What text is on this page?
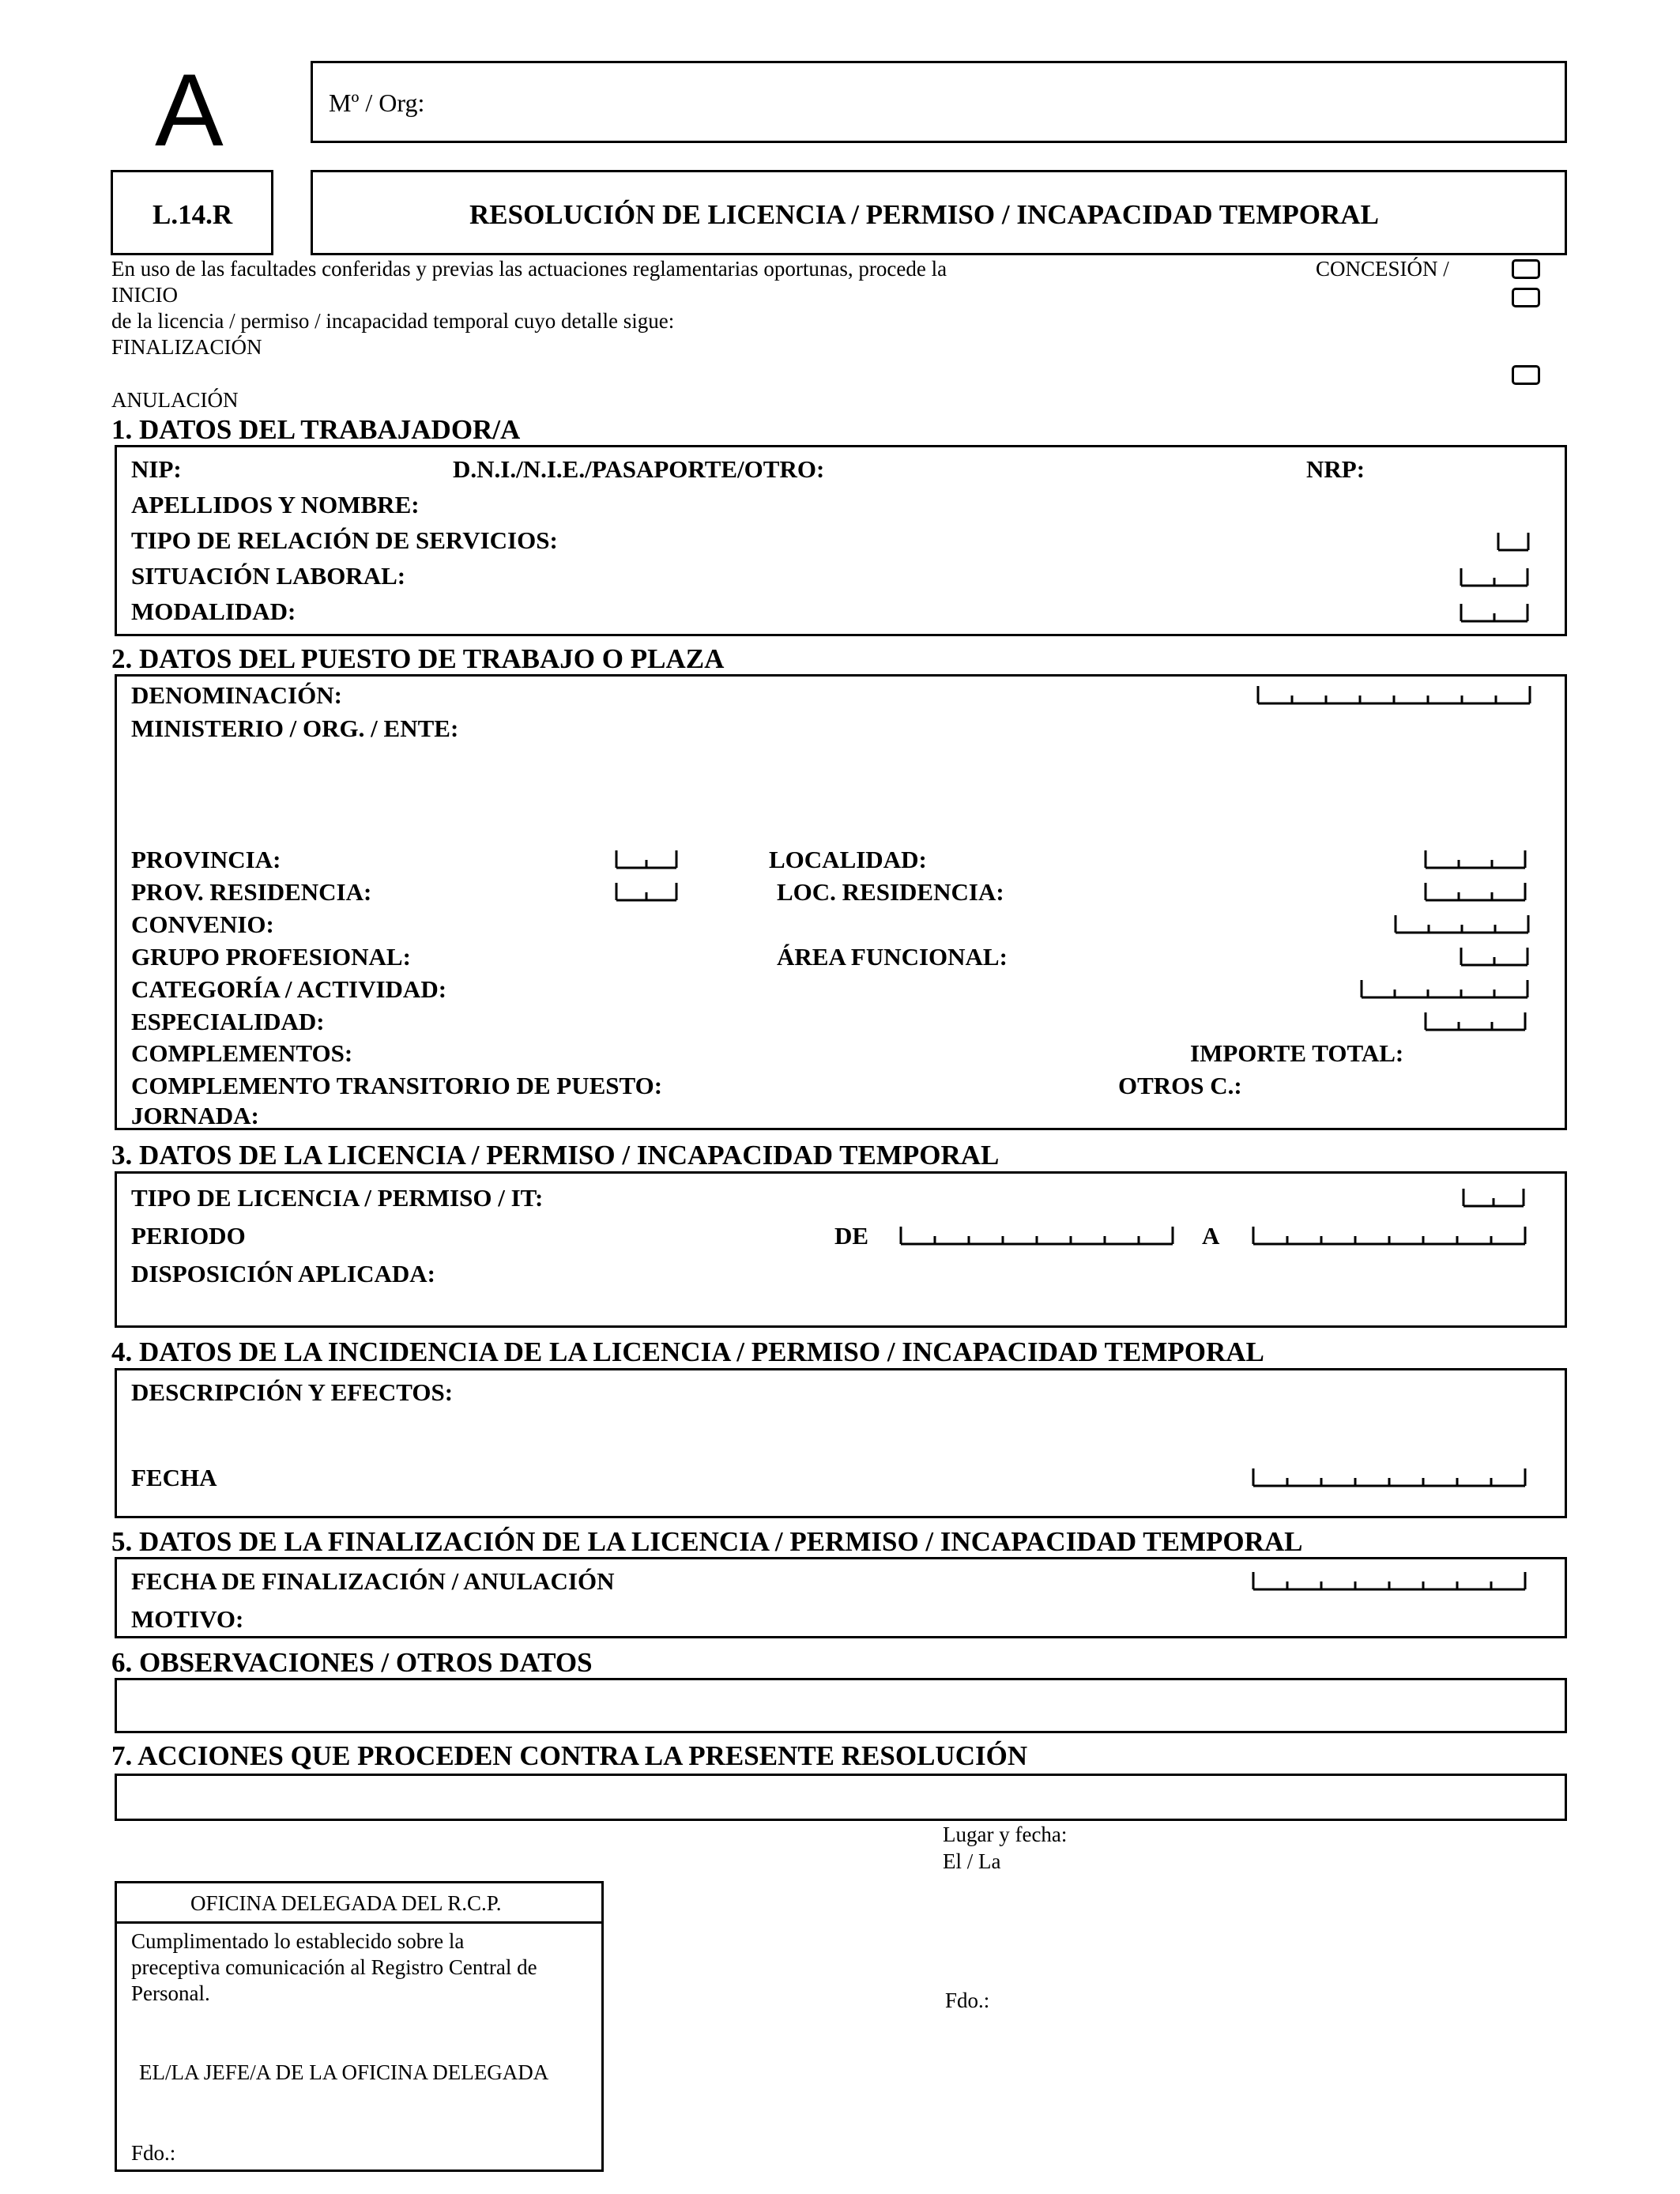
A	Mº / Org:
L.14.R	RESOLUCIÓN DE LICENCIA / PERMISO / INCAPACIDAD TEMPORAL
En uso de las facultades conferidas y previas las actuaciones reglamentarias oportunas, procede la	CONCESIÓN /
INICIO
de la licencia / permiso / incapacidad temporal cuyo detalle sigue:
FINALIZACIÓN
ANULACIÓN
1. DATOS DEL TRABAJADOR/A
NIP:	D.N.I./N.I.E./PASAPORTE/OTRO:	NRP:
APELLIDOS Y NOMBRE:
TIPO DE RELACIÓN DE SERVICIOS:
SITUACIÓN LABORAL:
MODALIDAD:
2. DATOS DEL PUESTO DE TRABAJO O PLAZA
DENOMINACIÓN:
MINISTERIO / ORG. / ENTE:
PROVINCIA:	LOCALIDAD:
PROV. RESIDENCIA:	LOC. RESIDENCIA:
CONVENIO:
GRUPO PROFESIONAL:	ÁREA FUNCIONAL:
CATEGORÍA / ACTIVIDAD:
ESPECIALIDAD:
COMPLEMENTOS:	IMPORTE TOTAL:
COMPLEMENTO TRANSITORIO DE PUESTO:	OTROS C.:
JORNADA:
3. DATOS DE LA LICENCIA / PERMISO / INCAPACIDAD TEMPORAL
TIPO DE LICENCIA / PERMISO / IT:
PERIODO	DE	A
DISPOSICIÓN APLICADA:
4. DATOS DE LA INCIDENCIA DE LA LICENCIA / PERMISO / INCAPACIDAD TEMPORAL
DESCRIPCIÓN Y EFECTOS:
FECHA
5. DATOS DE LA FINALIZACIÓN DE LA LICENCIA / PERMISO / INCAPACIDAD TEMPORAL
FECHA DE FINALIZACIÓN / ANULACIÓN
MOTIVO:
6. OBSERVACIONES / OTROS DATOS
7. ACCIONES QUE PROCEDEN CONTRA LA PRESENTE RESOLUCIÓN
Lugar y fecha:
El / La
Fdo.:
OFICINA DELEGADA DEL R.C.P.
Cumplimentado lo establecido sobre la
preceptiva comunicación al Registro Central de
Personal.
EL/LA JEFE/A DE LA OFICINA DELEGADA
Fdo.:
